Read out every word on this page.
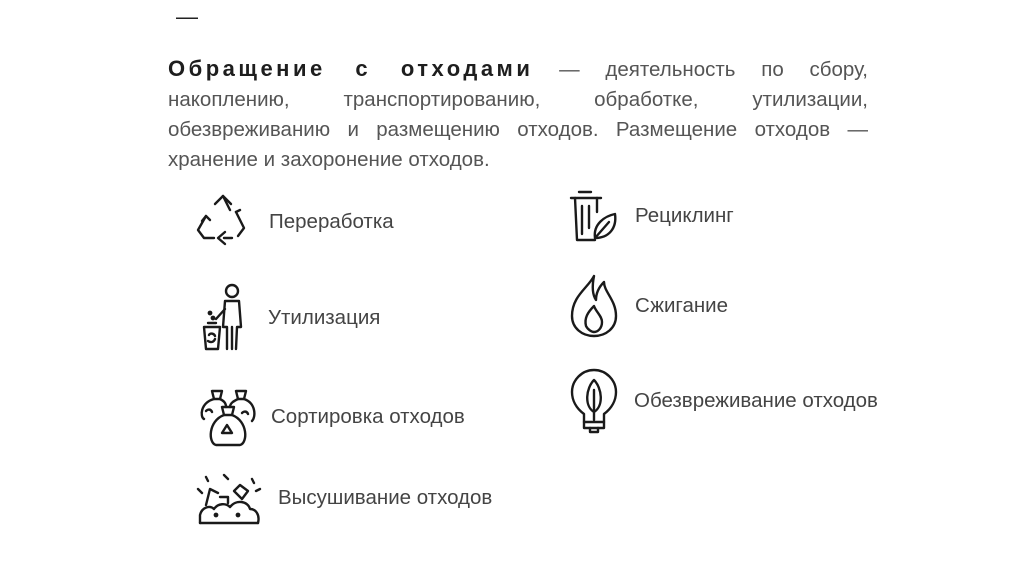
—
Обращение с отходами — деятельность по сбору, накоплению, транспортированию, обработке, утилизации, обезвреживанию и размещению отходов. Размещение отходов — хранение и захоронение отходов.
Переработка
Утилизация
Сортировка отходов
Высушивание отходов
Рециклинг
Сжигание
Обезвреживание отходов
